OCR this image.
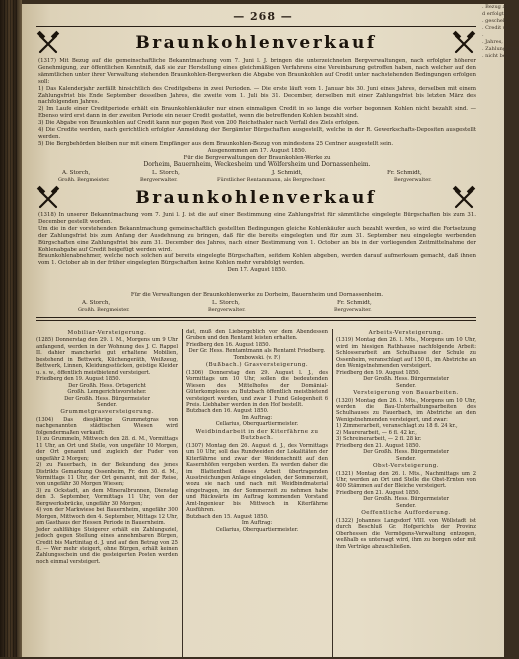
— 268 —
Braunkohlenverkauf

(1317) Mit Bezug auf die gemeinschaftliche Bekanntmachung vom 7. Juni l. J. bringen die unterzeichneten Bergverwaltungen, nach erfolgter höherer Genehmigung, zur öffentlichen Kenntniß, daß sie zur Herstellung eines gleichmäßigen Verfahrens eine Vereinbarung getroffen haben, nach welcher auf den sämmtlichen unter ihrer Verwaltung stehenden Braunkohlen-Bergwerken die Abgabe von Braunkohlen auf Credit unter nachstehenden Bedingungen erfolgen soll:

1) Das Kalenderjahr zerfällt hinsichtlich des Creditgebens in zwei Perioden. — Die erste läuft vom 1. Januar bis 30. Juni eines Jahres, derselben mit einem Zahlungsfrist bis Ende September desselben Jahres, die zweite vom 1. Juli bis 31. December, derselben mit einer Zahlungsfrist bis letzten März des nachfolgenden Jahres.

2) Im Laufe einer Creditperiode erhält ein Braunkohlenkäufer nur einen einmaligen Credit in so lange die vorher begonnen Kohlen nicht bezahlt sind. — Ebenso wird erst dann in der zweiten Periode ein neuer Credit gestattet, wenn die betreffenden Kohlen bezahlt sind.

3) Die Abgabe von Braunkohlen auf Credit kann nur gegen Rest von 200 Reichsthaler nach Verfall des Ziels erfolgen.

4) Die Credite werden, nach gerichtlich erfolgter Anmeldung der Bergämter Bürgschaften ausgestellt, welche in der R. Gewerkschafts-Depositen ausgestellt werden.

5) Die Bergbehörden bleiben nur mit einem Empfänger aus dem Braunkohlen-Bezug von mindestens 25 Centner ausgestellt sein.

Ausgenommen am 17. August 1850.

Für die Bergverwaltungen der Braunkohlen-Werke zu
Dorheim, Bauernheim, Weckesheim und Wölfersheim und Dornassenheim.
A. Storch,	L. Storch,	J. Schmidt,	Fr. Schmidt,
Großh. Bergmeister.	Bergverwalter.	Fürstlicher Rentammann, als Bergrechner.	Bergverwalter.
Braunkohlenverkauf

(1318) In unserer Bekanntmachung vom 7. Juni l. J. ist die auf einer Bestimmung eine Zahlungsfrist für sämmtliche eingelegte Bürgschaften bis zum 31. December gestellt worden.

Um die in der vorstehenden Bekanntmachung gemeinschaftlich gestellten Bedingungen gleiche Kohlenkäufer auch bezahlt werden, so wird die Fortsetzung der Zahlungsfrist bis zum Anfang der Ausdehnung zu bringen, daß für die bereits eingelegten und für zum 31. September neu eingelegte werbenden Bürgschaften eine Zahlungsfrist bis zum 31. December des Jahres, nach einer Bestimmung von 1. October an bis in der vorliegenden Zeitmittelnahme der Kohlenabgabe auf Credit beigefügt werden wird.

Braunkohlenabnehmer, welche noch solchen auf bereits eingelegte Bürgschaften, seitdem Kohlen abgeben, werden darauf aufmerksam gemacht, daß ihnen vom 1. October ab in der früher eingelegten Bürgschaften keine Kohlen mehr verabfolgt werden.

Den 17. August 1850.

Für die Verwaltungen der Braunkohlenwerke zu Dorheim, Bauernheim und Dornassenheim.
A. Storch,	L. Storch,	Fr. Schmidt,
Großh. Bergmeister.	Bergverwalter.	Bergverwalter.
Mobiliar-Versteigerung.

(1285) Donnerstag den 29. l. M., Morgens um 9 Uhr anfangend, werden in der Wohnung des J. C. Rappel II. dahier mancherlei gut erhaltene Mobilien, bestehend in Bettwerk, Küchengeräth, Weißzeug, Bettwerk, Linnen, Kleidungsstücken, geistige Kleider u. s. w., öffentlich meistbietend versteigert.

Friedberg den 19. August 1850.

Der Großh. Hess. Ortsgericht

Großh. Lemgerichtsvorsteher.

Der Großh. Hess. Bürgermeister

Sender.

Grummetgrasversteigerung.

(1304) Das diesjährige Grummetgras von nachgenannten städtischen Wiesen wird folgendermaßen verkauft:

1) zu Grummeln, Mittwoch den 28. d. M., Vormittags 11 Uhr, an Ort und Stelle, von ungefähr 10 Morgen, der Ort genannt und zugleich der Fuder von ungefähr 2 Morgen;

2) zu Fauerbach, in der Bekundung des jenes Distrikts Gemarkung Ossenheim, Fr. den 30. d. M., Vormittags 11 Uhr, der Ort genannt, mit der Reise, von ungefähr 30 Morgen Wiesen;

3) zu Ockstadt, an dem Mineralbrunnen, Dienstag den 3. September, Vormittags 11 Uhr, von der Bergwerksbrücke, ungefähr 30 Morgen;

4) von der Markwiese bei Bauernheim, ungefähr 300 Morgen, Mittwoch den 4. September, Mittags 12 Uhr, am Gasthaus der Hessen Periode in Bauernheim.

Jeder zahlfähige Steigerer erhält ein Zahlungsziel, jedoch gegen Stellung eines annehmbaren Bürgen, Credit bis Martinitag d. J. und auf den Betrag von 25 fl. — Wer mehr steigert, ohne Bürgen, erhält keinen Zahlungsschein und die gesteigerten Posten werden noch einmal versteigert.

dat, muß den Liebergeblich vor dem Abendessen Gruben und den Rentamt leisten erhalten.

Friedberg den 16. August 1850.

Der Gr. Hess. Rentamtmann als Rentamt Friedberg.

Tombowski. (v. F.)

(Bußbach.) Grasversteigerung.

(1306) Donnerstag den 29. August l. J., des Vormittags um 10 Uhr, sollen die bedeutenden Wiesen des Mittelhofes der Domänial-Güterkomplexes zu Butzbach öffentlich meistbietend versteigert werden, und zwar 1 Fund Gelegenheit 6 Preis. Liebhaber werden in den Hof bestellt.

Butzbach den 16. August 1850.

Im Auftrag:

Cellarius, Oberquartiermeister.

Weidbindarbeit in der Kiterfährne zu Butzbach.

(1307) Montag den 26. August d. J., des Vormittags um 10 Uhr, soll das Rundweiden der Lokalitäten der Kiterfährne und zwar der Weidenschnitt auf den Kasernhöfen vergeben werden. Es werden daher die im Blattentheil dieses Arbeit übertragenden Ausstreichungen Anlage eingeladen, der Sommerzeit, wozu sie nach und nach mit Weidbindmaterial eingetragen, im der Sommerzeit zu nehmen habe und Rückwärts im Auftrag kommenden Vorstand Amt-Ingenieur bis Mittwoch in Kiterfährne Ausführen.

Butzbach den 15. August 1850.

Im Auftrag:

Cellarius, Oberquartiermeister.

Arbeits-Versteigerung.

(1319) Montag den 26. l. Mts., Morgens um 10 Uhr, wird im hiesigen Rathhause nachfolgende Arbeit: Schlosserarbeit am Schulhause der Schule zu Ossenheim, veranschlagt auf 150 fl., im Abstriche an den Wenigstnehmenden versteigert.

Friedberg den 19. August 1850.

Der Großh. Hess. Bürgermeister

Sender.

Versteigerung von Bauarbeiten.

(1320) Montag den 26. l. Mts., Morgens um 10 Uhr, werden die Bau-Unterhaltungsarbeiten des Schulhauses zu Fauerbach, im Abstriche an den Wenigstnehmenden versteigert, und zwar:

1) Zimmerarbeit, veranschlagt zu 18 fl. 24 kr.,

2) Maurerarbeit, — 6 fl. 42 kr.,

3) Schreinerarbeit, — 2 fl. 28 kr.

Friedberg den 21. August 1850.

Der Großh. Hess. Bürgermeister

Sender.

Obst-Versteigerung.

(1321) Montag den 26. l. Mts., Nachmittags um 2 Uhr, werden an Ort und Stelle die Obst-Ernten von 400 Stämmen auf der Bleiche versteigert.

Friedberg den 21. August 1850.

Der Großh. Hess. Bürgermeister

Sender.

Oeffentliche Aufforderung.

(1322) Johannes Langsdorf VIII. von Wöllstadt ist durch Beschluß Gr. Hofgerichts der Provinz Oberhessen die Vermögens-Verwaltung entzogen, weßhalb es untersagt wird, ihm zu borgen oder mit ihm Verträge abzuschließen.

. Bezug auf
d erfolgter
. geschehen
. Credit unter
.
. Jahres, der-
. Zahlungsfrist
. nicht bezahlt
